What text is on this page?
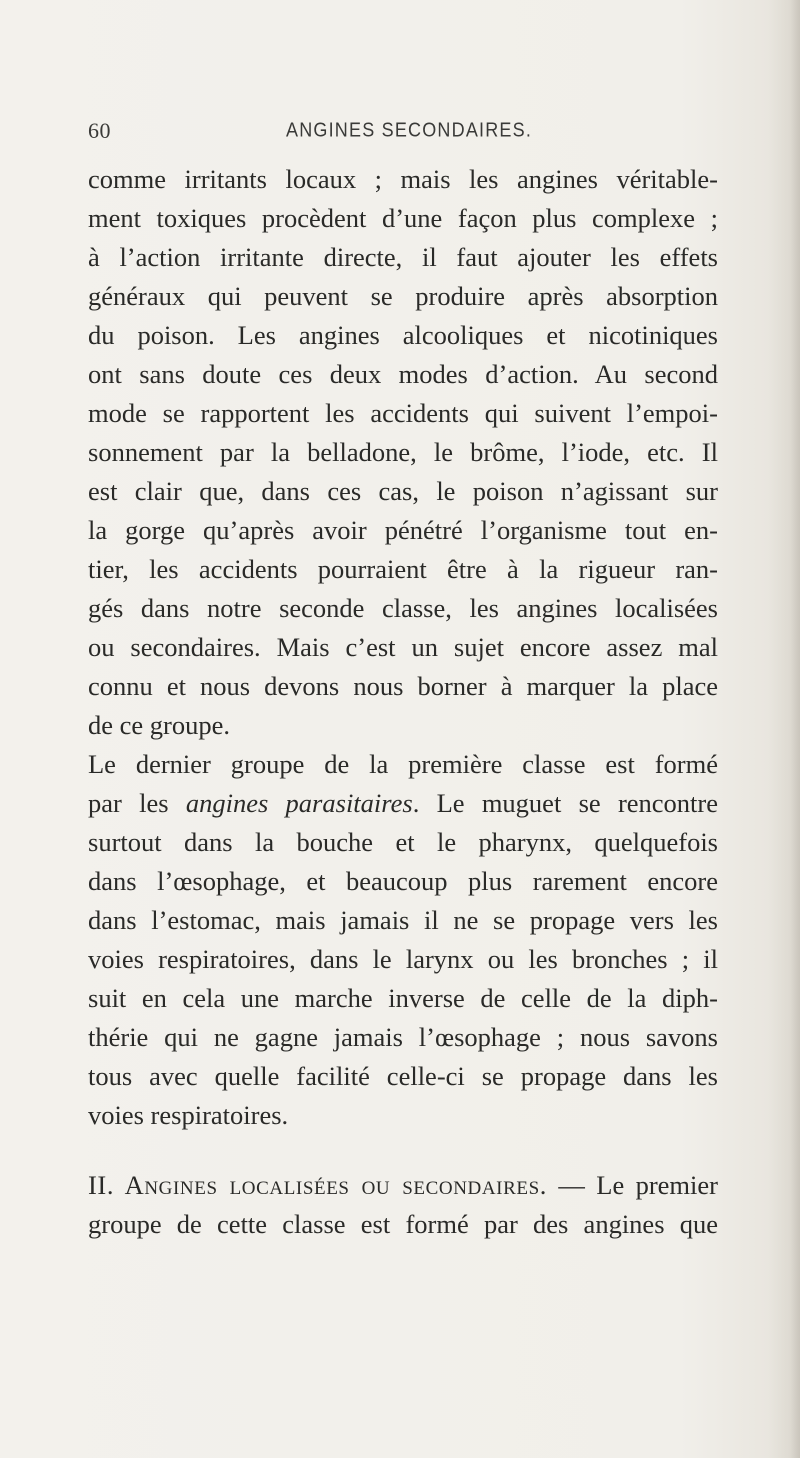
60	ANGINES SECONDAIRES.
comme irritants locaux ; mais les angines véritable-
ment toxiques procèdent d’une façon plus complexe ;
à l’action irritante directe, il faut ajouter les effets
généraux qui peuvent se produire après absorption
du poison. Les angines alcooliques et nicotiniques
ont sans doute ces deux modes d’action. Au second
mode se rapportent les accidents qui suivent l’empoi-
sonnement par la belladone, le brôme, l’iode, etc. Il
est clair que, dans ces cas, le poison n’agissant sur
la gorge qu’après avoir pénétré l’organisme tout en-
tier, les accidents pourraient être à la rigueur ran-
gés dans notre seconde classe, les angines localisées
ou secondaires. Mais c’est un sujet encore assez mal
connu et nous devons nous borner à marquer la place
de ce groupe.
Le dernier groupe de la première classe est formé
par les angines parasitaires. Le muguet se rencontre
surtout dans la bouche et le pharynx, quelquefois
dans l’œsophage, et beaucoup plus rarement encore
dans l’estomac, mais jamais il ne se propage vers les
voies respiratoires, dans le larynx ou les bronches ; il
suit en cela une marche inverse de celle de la diph-
thérie qui ne gagne jamais l’œsophage ; nous savons
tous avec quelle facilité celle-ci se propage dans les
voies respiratoires.
II. Angines localisées ou secondaires. — Le premier
groupe de cette classe est formé par des angines que
